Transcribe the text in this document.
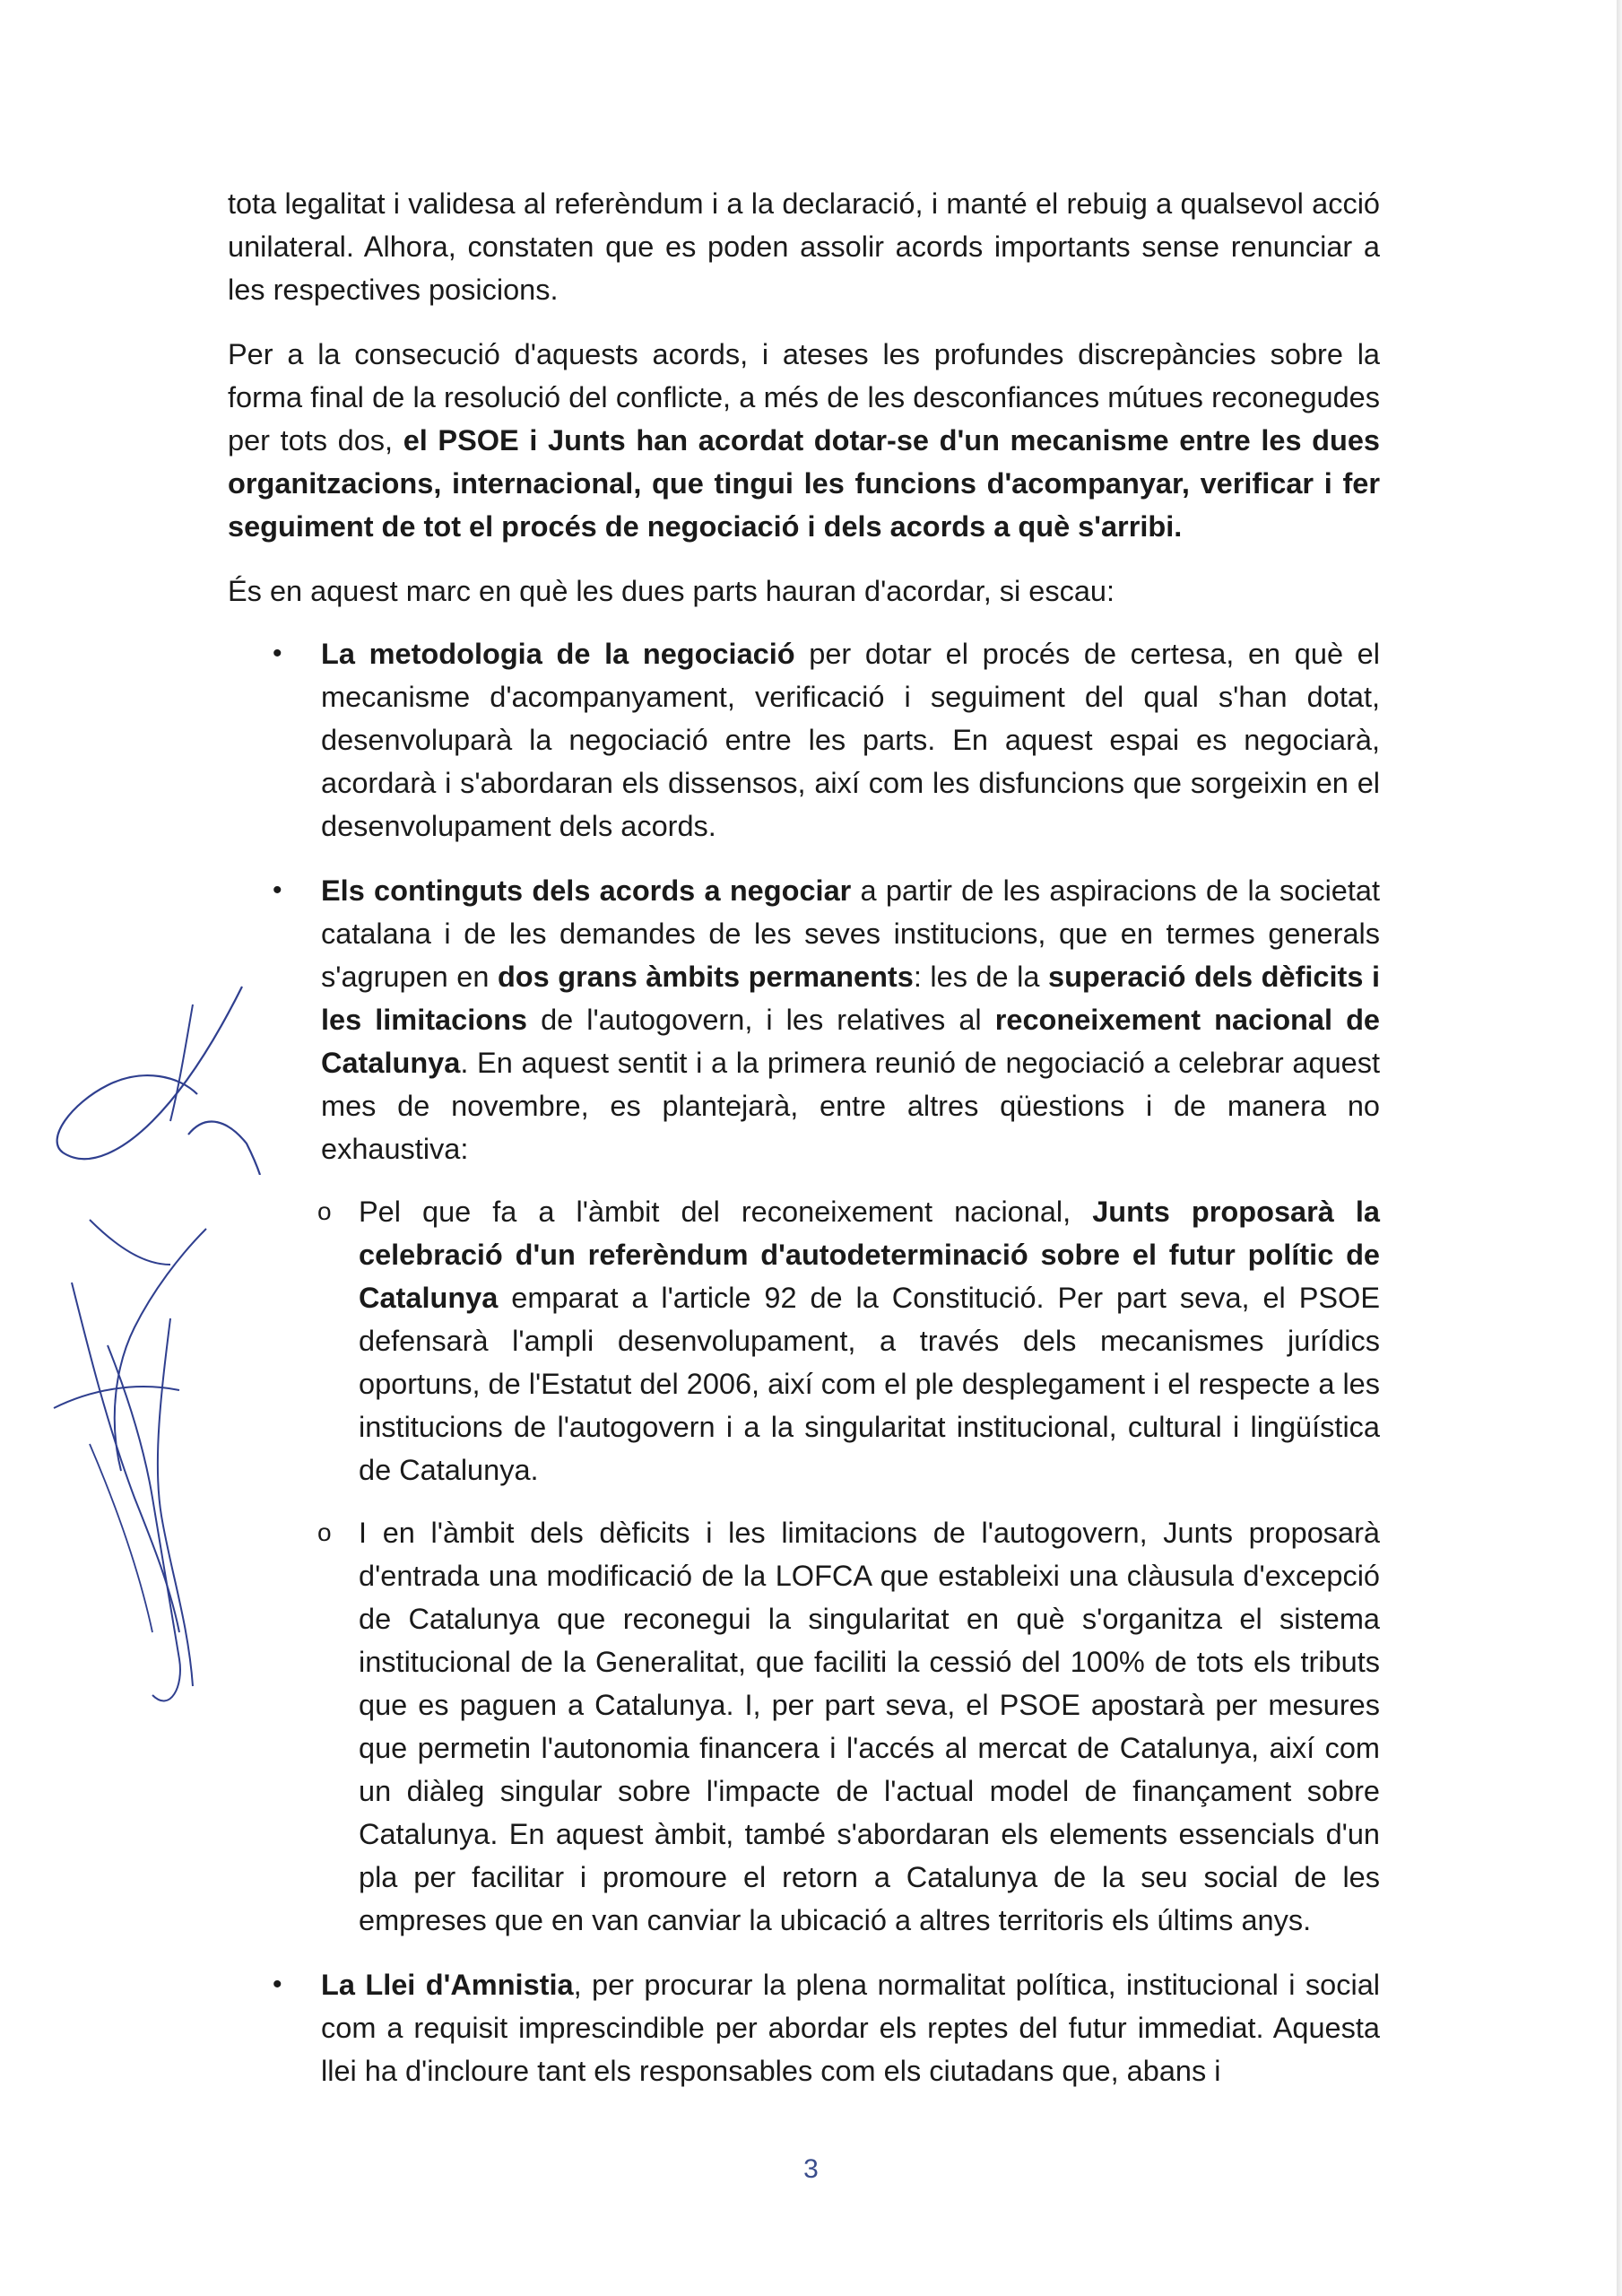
tota legalitat i validesa al referèndum i a la declaració, i manté el rebuig a qualsevol acció unilateral. Alhora, constaten que es poden assolir acords importants sense renunciar a les respectives posicions.

Per a la consecució d'aquests acords, i ateses les profundes discrepàncies sobre la forma final de la resolució del conflicte, a més de les desconfiances mútues reconegudes per tots dos, el PSOE i Junts han acordat dotar-se d'un mecanisme entre les dues organitzacions, internacional, que tingui les funcions d'acompanyar, verificar i fer seguiment de tot el procés de negociació i dels acords a què s'arribi.

És en aquest marc en què les dues parts hauran d'acordar, si escau:

• La metodologia de la negociació per dotar el procés de certesa, en què el mecanisme d'acompanyament, verificació i seguiment del qual s'han dotat, desenvoluparà la negociació entre les parts. En aquest espai es negociarà, acordarà i s'abordaran els dissensos, així com les disfuncions que sorgeixin en el desenvolupament dels acords.

• Els continguts dels acords a negociar a partir de les aspiracions de la societat catalana i de les demandes de les seves institucions, que en termes generals s'agrupen en dos grans àmbits permanents: les de la superació dels dèficits i les limitacions de l'autogovern, i les relatives al reconeixement nacional de Catalunya. En aquest sentit i a la primera reunió de negociació a celebrar aquest mes de novembre, es plantejarà, entre altres qüestions i de manera no exhaustiva:

o Pel que fa a l'àmbit del reconeixement nacional, Junts proposarà la celebració d'un referèndum d'autodeterminació sobre el futur polític de Catalunya emparat a l'article 92 de la Constitució. Per part seva, el PSOE defensarà l'ampli desenvolupament, a través dels mecanismes jurídics oportuns, de l'Estatut del 2006, així com el ple desplegament i el respecte a les institucions de l'autogovern i a la singularitat institucional, cultural i lingüística de Catalunya.

o I en l'àmbit dels dèficits i les limitacions de l'autogovern, Junts proposarà d'entrada una modificació de la LOFCA que estableixi una clàusula d'excepció de Catalunya que reconegui la singularitat en què s'organitza el sistema institucional de la Generalitat, que faciliti la cessió del 100% de tots els tributs que es paguen a Catalunya. I, per part seva, el PSOE apostarà per mesures que permetin l'autonomia financera i l'accés al mercat de Catalunya, així com un diàleg singular sobre l'impacte de l'actual model de finançament sobre Catalunya. En aquest àmbit, també s'abordaran els elements essencials d'un pla per facilitar i promoure el retorn a Catalunya de la seu social de les empreses que en van canviar la ubicació a altres territoris els últims anys.

• La Llei d'Amnistia, per procurar la plena normalitat política, institucional i social com a requisit imprescindible per abordar els reptes del futur immediat. Aquesta llei ha d'incloure tant els responsables com els ciutadans que, abans i

3
